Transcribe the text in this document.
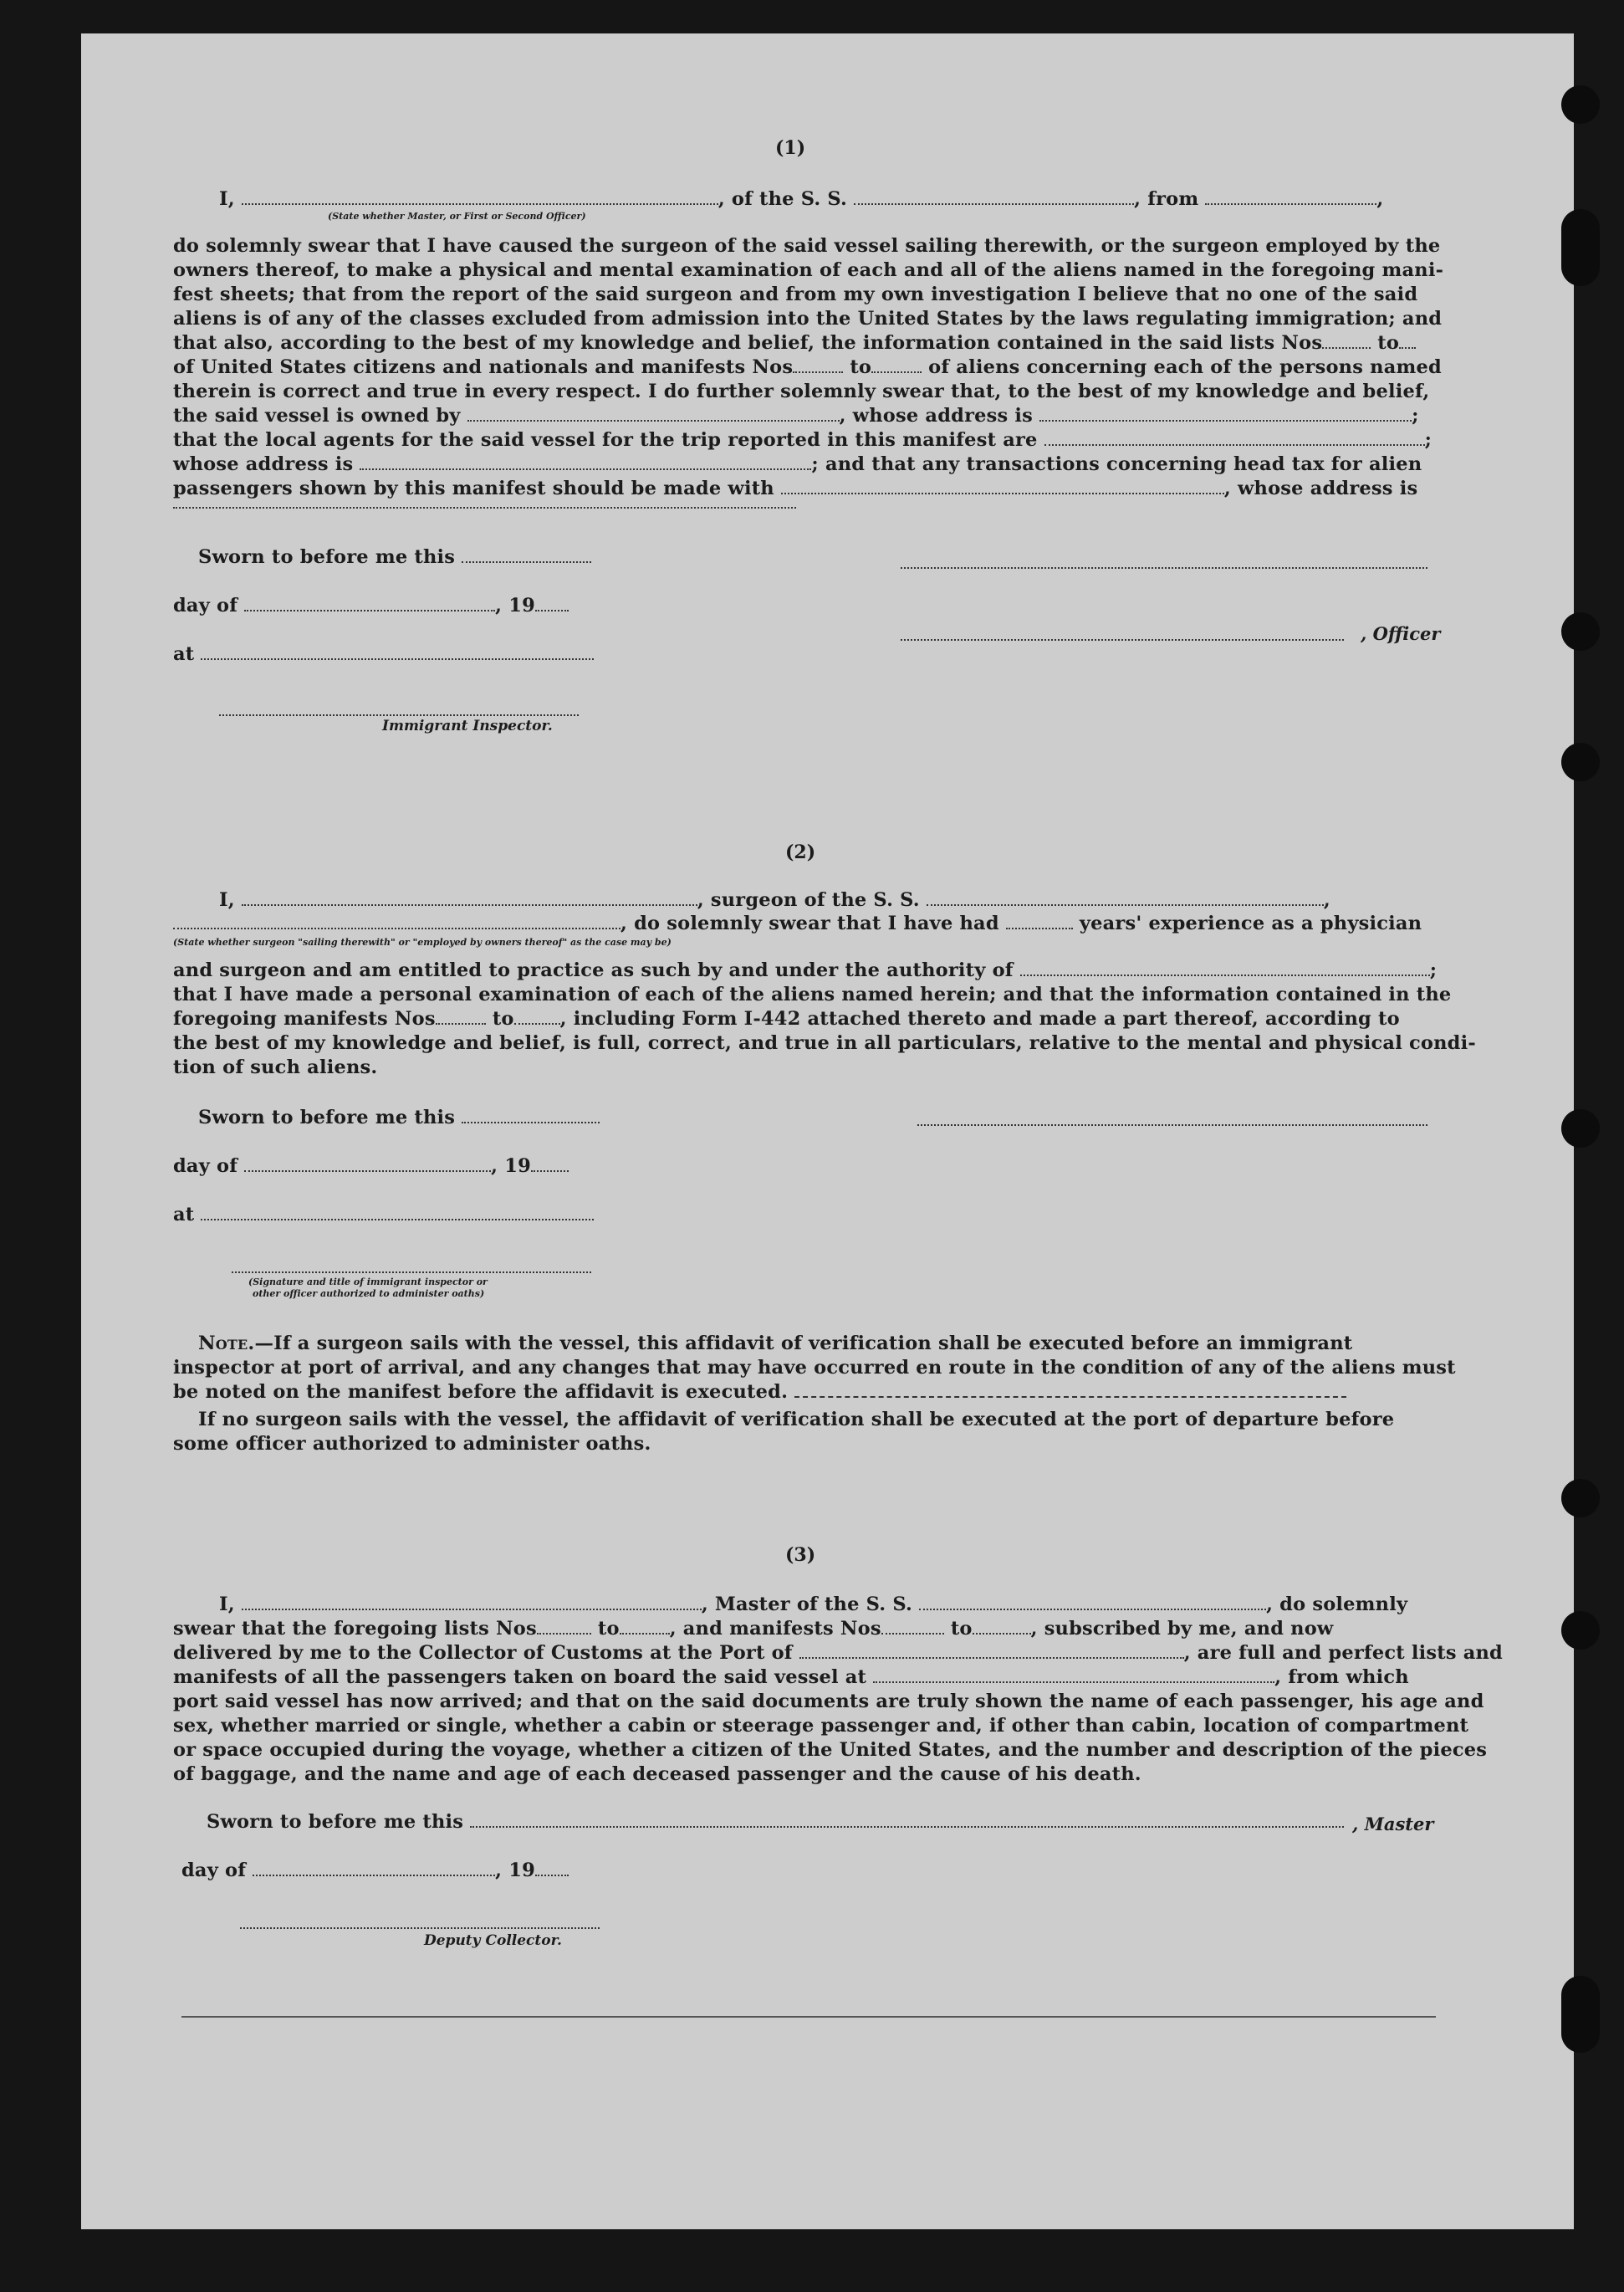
(1)
I,	, of the S. S.	, from	,
(State whether Master, or First or Second Officer)
do solemnly swear that I have caused the surgeon of the said vessel sailing therewith, or the surgeon employed by the
owners thereof, to make a physical and mental examination of each and all of the aliens named in the foregoing mani-
fest sheets; that from the report of the said surgeon and from my own investigation I believe that no one of the said
aliens is of any of the classes excluded from admission into the United States by the laws regulating immigration; and
that also, according to the best of my knowledge and belief, the information contained in the said lists Nos	to
of United States citizens and nationals and manifests Nos	to	of aliens concerning each of the persons named
therein is correct and true in every respect. I do further solemnly swear that, to the best of my knowledge and belief,
the said vessel is owned by	, whose address is	;
that the local agents for the said vessel for the trip reported in this manifest are	;
whose address is	; and that any transactions concerning head tax for alien
passengers shown by this manifest should be made with	, whose address is
Sworn to before me this
day of	, 19
at
Immigrant Inspector.
, Officer
(2)
I,	, surgeon of the S. S.	,
, do solemnly swear that I have had	years' experience as a physician
(State whether surgeon "sailing therewith" or "employed by owners thereof" as the case may be)
and surgeon and am entitled to practice as such by and under the authority of	;
that I have made a personal examination of each of the aliens named herein; and that the information contained in the
foregoing manifests Nos	to , including Form I-442 attached thereto and made a part thereof, according to
the best of my knowledge and belief, is full, correct, and true in all particulars, relative to the mental and physical condi-
tion of such aliens.
Sworn to before me this
day of	, 19
at
(Signature and title of immigrant inspector or
other officer authorized to administer oaths)
Note.—If a surgeon sails with the vessel, this affidavit of verification shall be executed before an immigrant
inspector at port of arrival, and any changes that may have occurred en route in the condition of any of the aliens must
be noted on the manifest before the affidavit is executed.
If no surgeon sails with the vessel, the affidavit of verification shall be executed at the port of departure before
some officer authorized to administer oaths.
(3)
I,	, Master of the S. S.	, do solemnly
swear that the foregoing lists Nos	to	, and manifests Nos	to	, subscribed by me, and now
delivered by me to the Collector of Customs at the Port of	, are full and perfect lists and
manifests of all the passengers taken on board the said vessel at	, from which
port said vessel has now arrived; and that on the said documents are truly shown the name of each passenger, his age and
sex, whether married or single, whether a cabin or steerage passenger and, if other than cabin, location of compartment
or space occupied during the voyage, whether a citizen of the United States, and the number and description of the pieces
of baggage, and the name and age of each deceased passenger and the cause of his death.
Sworn to before me this	, Master
day of	, 19
Deputy Collector.
